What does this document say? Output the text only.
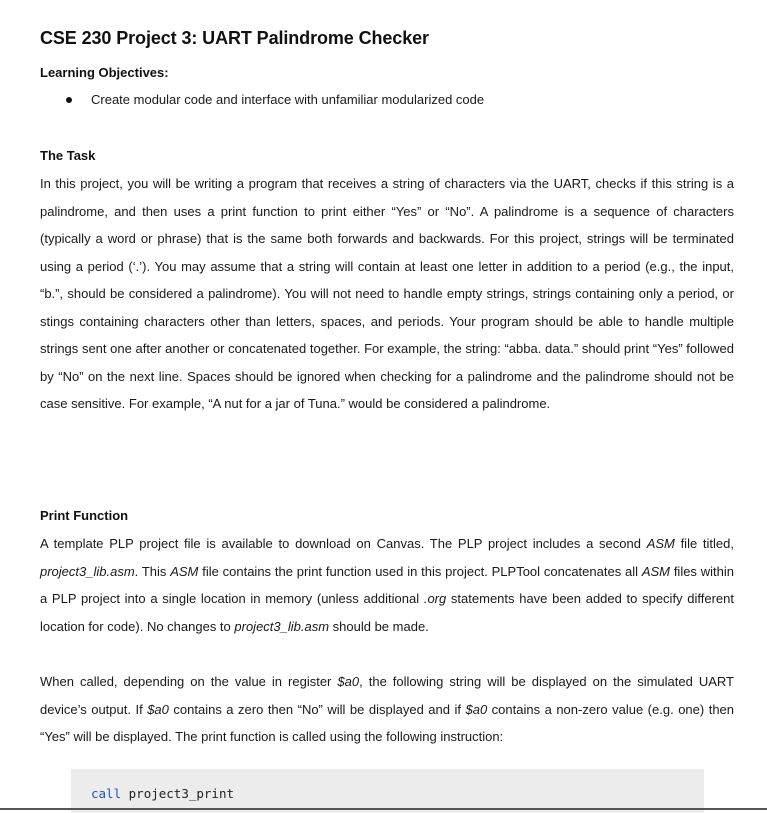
CSE 230 Project 3: UART Palindrome Checker
Learning Objectives:
Create modular code and interface with unfamiliar modularized code
The Task

In this project, you will be writing a program that receives a string of characters via the UART, checks if this string is a palindrome, and then uses a print function to print either “Yes” or “No”. A palindrome is a sequence of characters (typically a word or phrase) that is the same both forwards and backwards. For this project, strings will be terminated using a period (‘.’). You may assume that a string will contain at least one letter in addition to a period (e.g., the input, “b.”, should be considered a palindrome). You will not need to handle empty strings, strings containing only a period, or stings containing characters other than letters, spaces, and periods. Your program should be able to handle multiple strings sent one after another or concatenated together. For example, the string: “abba. data.” should print “Yes” followed by “No” on the next line. Spaces should be ignored when checking for a palindrome and the palindrome should not be case sensitive. For example, “A nut for a jar of Tuna.” would be considered a palindrome.

Print Function

A template PLP project file is available to download on Canvas. The PLP project includes a second ASM file titled, project3_lib.asm. This ASM file contains the print function used in this project. PLPTool concatenates all ASM files within a PLP project into a single location in memory (unless additional .org statements have been added to specify different location for code). No changes to project3_lib.asm should be made.

When called, depending on the value in register $a0, the following string will be displayed on the simulated UART device’s output. If $a0 contains a zero then “No” will be displayed and if $a0 contains a non-zero value (e.g. one) then “Yes” will be displayed. The print function is called using the following instruction:

call project3_print
